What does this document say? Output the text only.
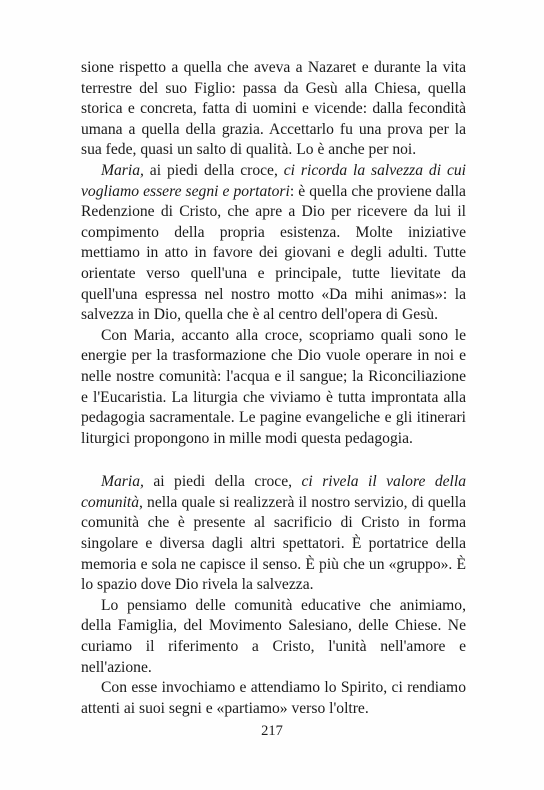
sione rispetto a quella che aveva a Nazaret e durante la vita terrestre del suo Figlio: passa da Gesù alla Chiesa, quella storica e concreta, fatta di uomini e vicende: dalla fecondità umana a quella della grazia. Accettarlo fu una prova per la sua fede, quasi un salto di qualità. Lo è anche per noi.

Maria, ai piedi della croce, ci ricorda la salvezza di cui vogliamo essere segni e portatori: è quella che proviene dalla Redenzione di Cristo, che apre a Dio per ricevere da lui il compimento della propria esistenza. Molte iniziative mettiamo in atto in favore dei giovani e degli adulti. Tutte orientate verso quell'una e principale, tutte lievitate da quell'una espressa nel nostro motto «Da mihi animas»: la salvezza in Dio, quella che è al centro dell'opera di Gesù.

Con Maria, accanto alla croce, scopriamo quali sono le energie per la trasformazione che Dio vuole operare in noi e nelle nostre comunità: l'acqua e il sangue; la Riconciliazione e l'Eucaristia. La liturgia che viviamo è tutta improntata alla pedagogia sacramentale. Le pagine evangeliche e gli itinerari liturgici propongono in mille modi questa pedagogia.

Maria, ai piedi della croce, ci rivela il valore della comunità, nella quale si realizzerà il nostro servizio, di quella comunità che è presente al sacrificio di Cristo in forma singolare e diversa dagli altri spettatori. È portatrice della memoria e sola ne capisce il senso. È più che un «gruppo». È lo spazio dove Dio rivela la salvezza.

Lo pensiamo delle comunità educative che animiamo, della Famiglia, del Movimento Salesiano, delle Chiese. Ne curiamo il riferimento a Cristo, l'unità nell'amore e nell'azione.

Con esse invochiamo e attendiamo lo Spirito, ci rendiamo attenti ai suoi segni e «partiamo» verso l'oltre.

217
